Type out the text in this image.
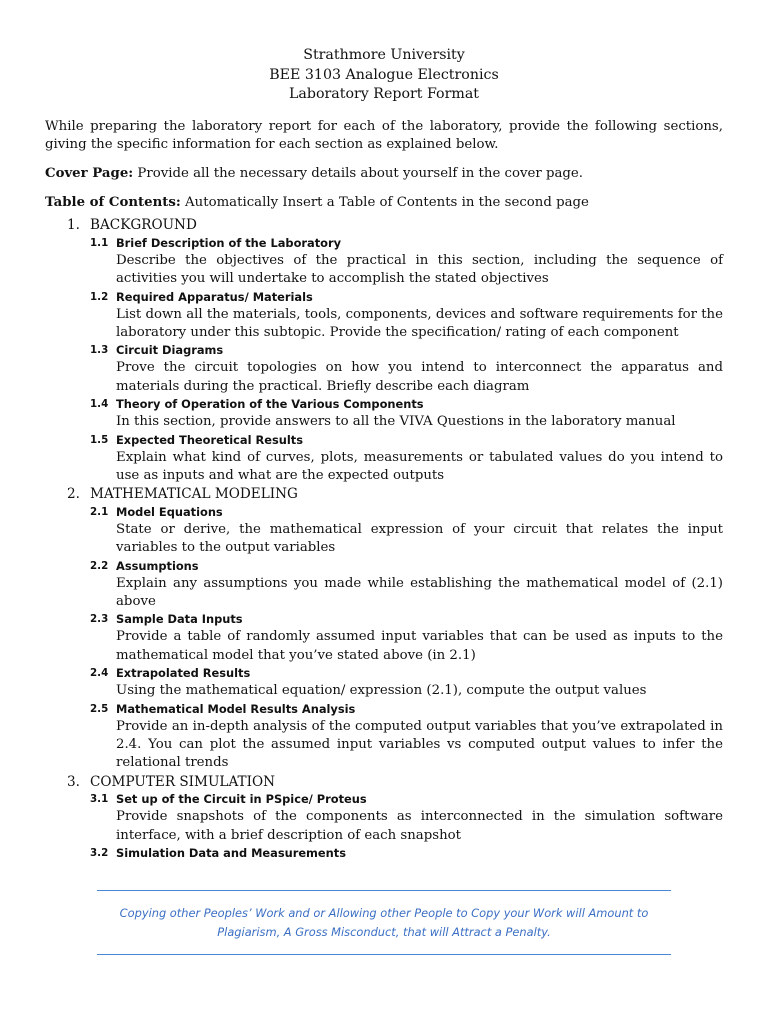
Strathmore University
BEE 3103 Analogue Electronics
Laboratory Report Format

While preparing the laboratory report for each of the laboratory, provide the following sections, giving the specific information for each section as explained below.

Cover Page: Provide all the necessary details about yourself in the cover page.

Table of Contents: Automatically Insert a Table of Contents in the second page

1. BACKGROUND
1.1 Brief Description of the Laboratory
Describe the objectives of the practical in this section, including the sequence of activities you will undertake to accomplish the stated objectives
1.2 Required Apparatus/ Materials
List down all the materials, tools, components, devices and software requirements for the laboratory under this subtopic. Provide the specification/ rating of each component
1.3 Circuit Diagrams
Prove the circuit topologies on how you intend to interconnect the apparatus and materials during the practical. Briefly describe each diagram
1.4 Theory of Operation of the Various Components
In this section, provide answers to all the VIVA Questions in the laboratory manual
1.5 Expected Theoretical Results
Explain what kind of curves, plots, measurements or tabulated values do you intend to use as inputs and what are the expected outputs
2. MATHEMATICAL MODELING
2.1 Model Equations
State or derive, the mathematical expression of your circuit that relates the input variables to the output variables
2.2 Assumptions
Explain any assumptions you made while establishing the mathematical model of (2.1) above
2.3 Sample Data Inputs
Provide a table of randomly assumed input variables that can be used as inputs to the mathematical model that you’ve stated above (in 2.1)
2.4 Extrapolated Results
Using the mathematical equation/ expression (2.1), compute the output values
2.5 Mathematical Model Results Analysis
Provide an in-depth analysis of the computed output variables that you’ve extrapolated in 2.4. You can plot the assumed input variables vs computed output values to infer the relational trends
3. COMPUTER SIMULATION
3.1 Set up of the Circuit in PSpice/ Proteus
Provide snapshots of the components as interconnected in the simulation software interface, with a brief description of each snapshot
3.2 Simulation Data and Measurements

Copying other Peoples’ Work and or Allowing other People to Copy your Work will Amount to

Plagiarism, A Gross Misconduct, that will Attract a Penalty.
